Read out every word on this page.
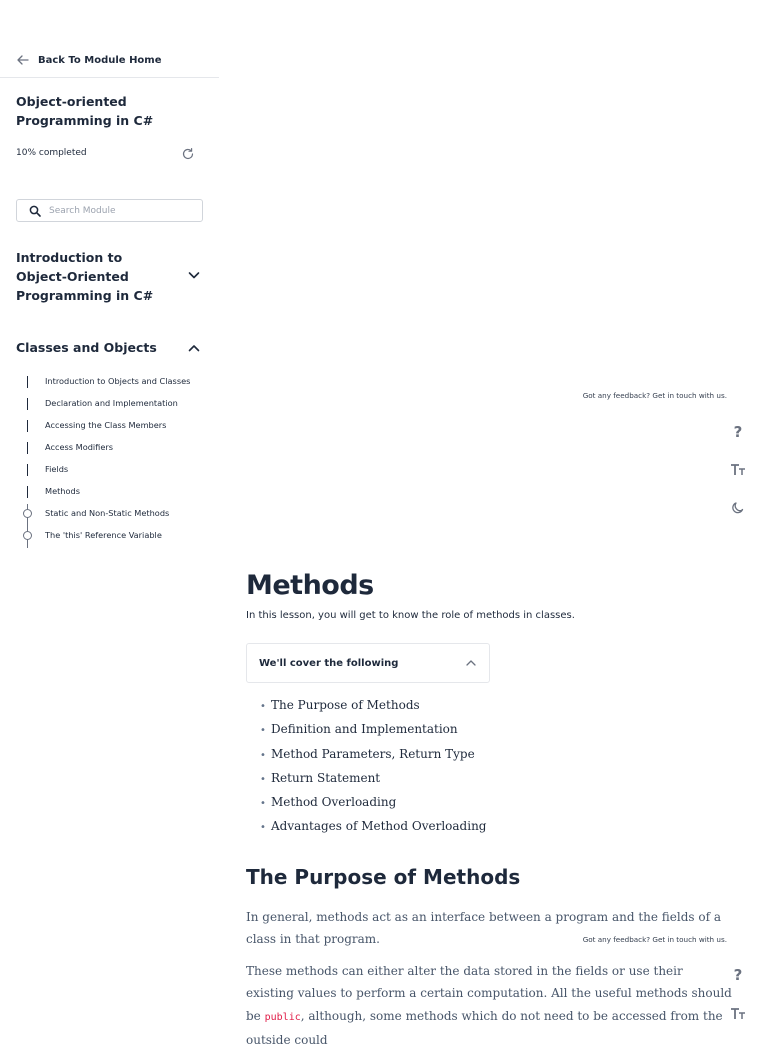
Back To Module Home
Object-oriented Programming in C#
10% completed
Search Module
Introduction to Object-Oriented Programming in C#
Classes and Objects
Introduction to Objects and Classes
Declaration and Implementation
Accessing the Class Members
Access Modifiers
Fields
Methods
Static and Non-Static Methods
The 'this' Reference Variable
Got any feedback? Get in touch with us.
?
Got any feedback? Get in touch with us.
?
Methods

In this lesson, you will get to know the role of methods in classes.

We'll cover the following
• The Purpose of Methods
• Definition and Implementation
• Method Parameters, Return Type
• Return Statement
• Method Overloading
• Advantages of Method Overloading
The Purpose of Methods

In general, methods act as an interface between a program and the fields of a class in that program.

These methods can either alter the data stored in the fields or use their existing values to perform a certain computation. All the useful methods should be public, although, some methods which do not need to be accessed from the outside could
